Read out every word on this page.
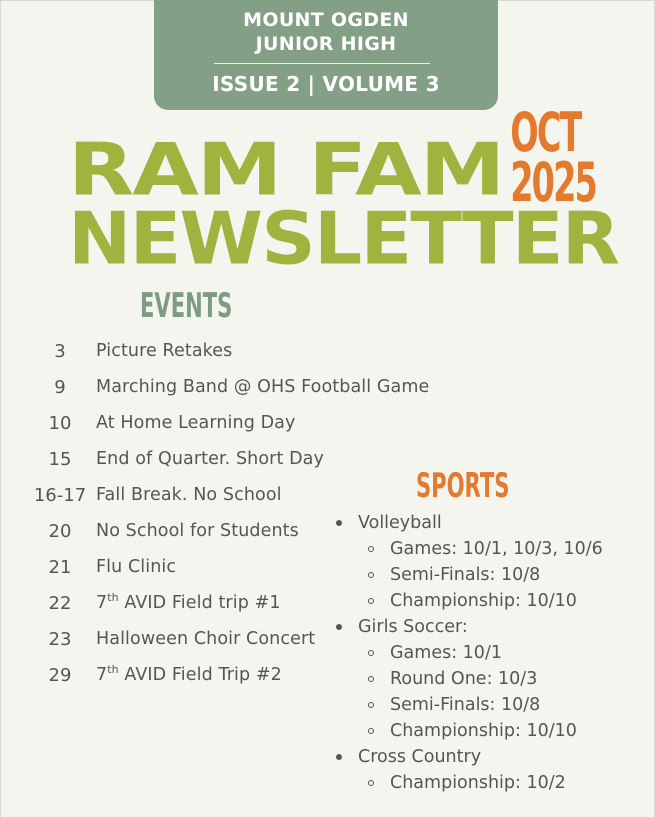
MOUNT OGDEN
JUNIOR HIGH
ISSUE 2 | VOLUME 3
OCT
2025
RAM FAM
NEWSLETTER
EVENTS
3	Picture Retakes
9	Marching Band @ OHS Football Game
10	At Home Learning Day
15	End of Quarter. Short Day
16-17 Fall Break. No School
20	No School for Students
21	Flu Clinic
22	7th AVID Field trip #1
23	Halloween Choir Concert
29	7th AVID Field Trip #2
SPORTS
Volleyball
Games: 10/1, 10/3, 10/6
Semi-Finals: 10/8
Championship: 10/10
Girls Soccer:
Games: 10/1
Round One: 10/3
Semi-Finals: 10/8
Championship: 10/10
Cross Country
Championship: 10/2
